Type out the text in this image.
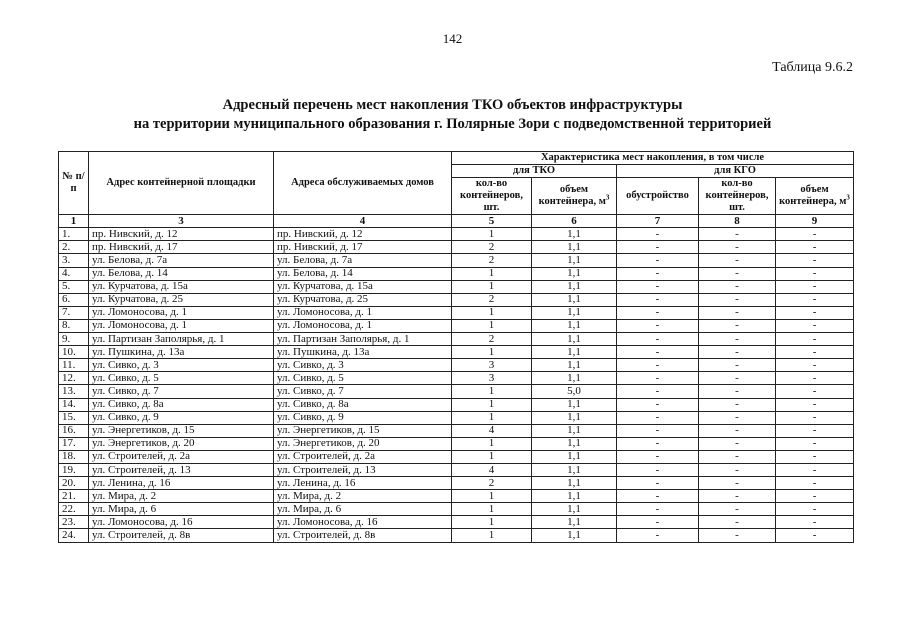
142
Таблица 9.6.2
Адресный перечень мест накопления ТКО объектов инфраструктуры
на территории муниципального образования г. Полярные Зори с подведомственной территорией
№ п/п	Адрес контейнерной площадки	Адреса обслуживаемых домов	Характеристика мест накопления, в том числе				
			для ТКО		для КГО		
			кол-во контейнеров, шт.	объем контейнера, $м^3$	обустройство	кол-во контейнеров, шт.	объем контейнера, $м^3$
1	3	4	5	6	7	8	9
1.	пр. Нивский, д. 12	пр. Нивский, д. 12	1	1,1	-	-	-
2.	пр. Нивский, д. 17	пр. Нивский, д. 17	2	1,1	-	-	-
3.	ул. Белова, д. 7а	ул. Белова, д. 7а	2	1,1	-	-	-
4.	ул. Белова, д. 14	ул. Белова, д. 14	1	1,1	-	-	-
5.	ул. Курчатова, д. 15а	ул. Курчатова, д. 15а	1	1,1	-	-	-
6.	ул. Курчатова, д. 25	ул. Курчатова, д. 25	2	1,1	-	-	-
7.	ул. Ломоносова, д. 1	ул. Ломоносова, д. 1	1	1,1	-	-	-
8.	ул. Ломоносова, д. 1	ул. Ломоносова, д. 1	1	1,1	-	-	-
9.	ул. Партизан Заполярья, д. 1	ул. Партизан Заполярья, д. 1	2	1,1	-	-	-
10.	ул. Пушкина, д. 13а	ул. Пушкина, д. 13а	1	1,1	-	-	-
11.	ул. Сивко, д. 3	ул. Сивко, д. 3	3	1,1	-	-	-
12.	ул. Сивко, д. 5	ул. Сивко, д. 5	3	1,1	-	-	-
13.	ул. Сивко, д. 7	ул. Сивко, д. 7	1	5,0	-	-	-
14.	ул. Сивко, д. 8а	ул. Сивко, д. 8а	1	1,1	-	-	-
15.	ул. Сивко, д. 9	ул. Сивко, д. 9	1	1,1	-	-	-
16.	ул. Энергетиков, д. 15	ул. Энергетиков, д. 15	4	1,1	-	-	-
17.	ул. Энергетиков, д. 20	ул. Энергетиков, д. 20	1	1,1	-	-	-
18.	ул. Строителей, д. 2а	ул. Строителей, д. 2а	1	1,1	-	-	-
19.	ул. Строителей, д. 13	ул. Строителей, д. 13	4	1,1	-	-	-
20.	ул. Ленина, д. 16	ул. Ленина, д. 16	2	1,1	-	-	-
21.	ул. Мира, д. 2	ул. Мира, д. 2	1	1,1	-	-	-
22.	ул. Мира, д. 6	ул. Мира, д. 6	1	1,1	-	-	-
23.	ул. Ломоносова, д. 16	ул. Ломоносова, д. 16	1	1,1	-	-	-
24.	ул. Строителей, д. 8в	ул. Строителей, д. 8в	1	1,1	-	-	-
